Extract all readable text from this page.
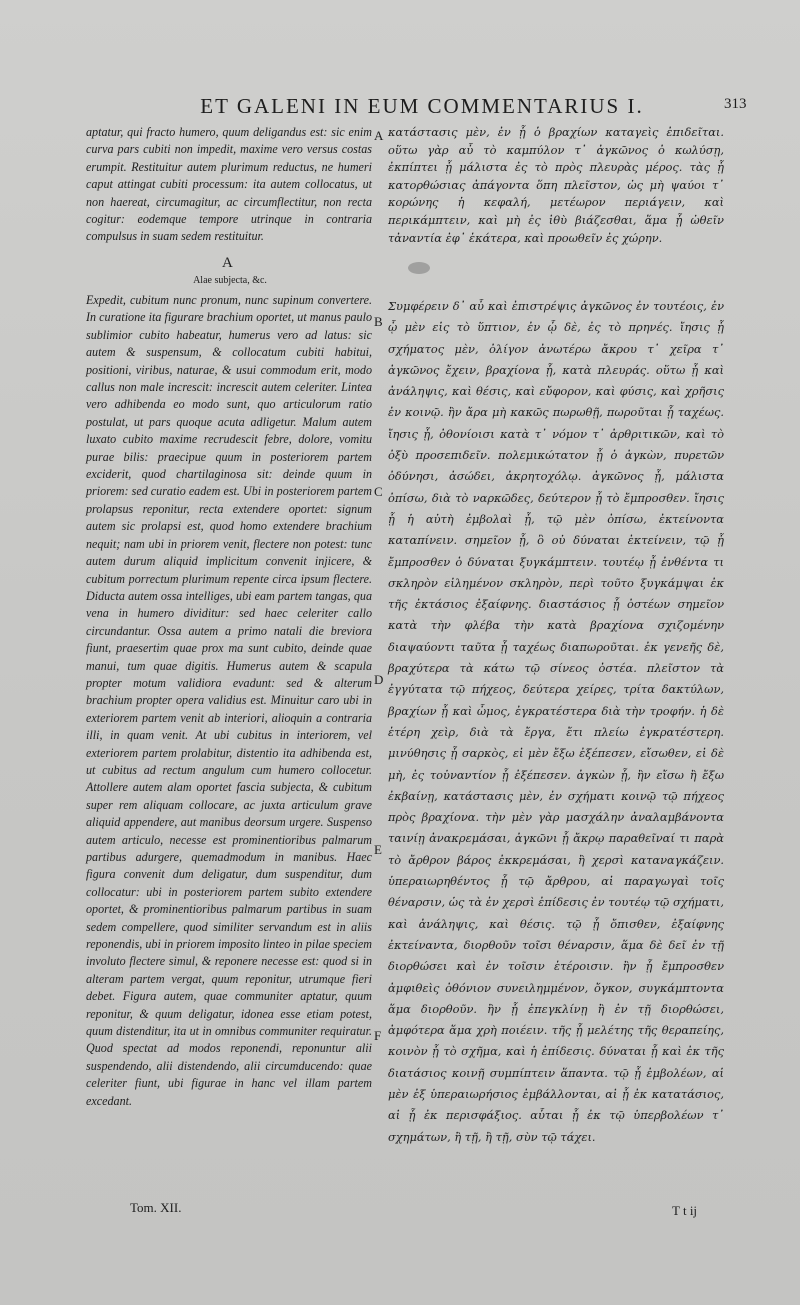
ET GALENI IN EUM COMMENTARIUS I.	313

aptatur, qui fracto humero, quum deligandus est: sic enim curva pars cubiti non impedit, maxime vero versus costas erumpit. Restituitur autem plurimum reductus, ne humeri caput attingat cubiti processum: ita autem collocatus, ut non haereat, circumagitur, ac circumflectitur, non recta cogitur: eodemque tempore utrinque in contraria compulsus in suam sedem restituitur.

A
Alae subjecta, &c.

Expedit, cubitum nunc pronum, nunc supinum convertere. In curatione ita figurare brachium oportet, ut manus paulo sublimior cubito habeatur, humerus vero ad latus: sic autem & suspensum, & collocatum cubiti habitui, positioni, viribus, naturae, & usui commodum erit, modo callus non male increscit: increscit autem celeriter. Lintea vero adhibenda eo modo sunt, quo articulorum ratio postulat, ut pars quoque acuta adligetur. Malum autem luxato cubito maxime recrudescit febre, dolore, vomitu purae bilis: praecipue quum in posteriorem partem exciderit, quod chartilaginosa sit: deinde quum in priorem: sed curatio eadem est. Ubi in posteriorem partem prolapsus reponitur, recta extendere oportet: signum autem sic prolapsi est, quod homo extendere brachium nequit; nam ubi in priorem venit, flectere non potest: tunc autem durum aliquid implicitum convenit injicere, & cubitum porrectum plurimum repente circa ipsum flectere. Diducta autem ossa intelliges, ubi eam partem tangas, qua vena in humero dividitur: sed haec celeriter callo circundantur. Ossa autem a primo natali die breviora fiunt, praesertim quae prox ma sunt cubito, deinde quae manui, tum quae digitis. Humerus autem & scapula propter motum validiora evadunt: sed & alterum brachium propter opera validius est. Minuitur caro ubi in exteriorem partem venit ab interiori, alioquin a contraria illi, in quam venit. At ubi cubitus in interiorem, vel exteriorem partem prolabitur, distentio ita adhibenda est, ut cubitus ad rectum angulum cum humero collocetur. Attollere autem alam oportet fascia subjecta, & cubitum super rem aliquam collocare, ac juxta articulum grave aliquid appendere, aut manibus deorsum urgere. Suspenso autem articulo, necesse est prominentioribus palmarum partibus adurgere, quemadmodum in manibus. Haec figura convenit dum deligatur, dum suspenditur, dum collocatur: ubi in posteriorem partem subito extendere oportet, & prominentioribus palmarum partibus in suam sedem compellere, quod similiter servandum est in aliis reponendis, ubi in priorem imposito linteo in pilae speciem involuto flectere simul, & reponere necesse est: quod si in alteram partem vergat, quum reponitur, utrumque fieri debet. Figura autem, quae communiter aptatur, quum reponitur, & quum deligatur, idonea esse etiam potest, quum distenditur, ita ut in omnibus communiter requiratur. Quod spectat ad modos reponendi, reponuntur alii suspendendo, alii distendendo, alii circumducendo: quae celeriter fiunt, ubi figurae in hanc vel illam partem excedant.

κατάστασις μὲν, ἐν ᾗ ὁ βραχίων καταγεὶς ἐπιδεῖται. οὕτω γὰρ αὖ τὸ καμπύλον τ᾽ ἀγκῶνος ὀ κωλύσῃ, ἐκπίπτει ᾗ μάλιστα ἐς τὸ πρὸς πλευρὰς μέρος. τὰς ᾗ κατορθώσιας ἀπάγοντα ὅπη πλεῖστον, ὡς μὴ ψαύοι τ᾽ κορώνης ἡ κεφαλή, μετέωρον περιάγειν, καὶ περικάμπτειν, καὶ μὴ ἐς ἰθὺ βιάζεσθαι, ἅμα ᾗ ὠθεῖν τἀναντία ἐφ᾽ ἑκάτερα, καὶ προωθεῖν ἐς χώρην.

Συμφέρειν δ᾽ αὖ καὶ ἐπιστρέψις ἀγκῶνος ἐν τουτέοις, ἐν ᾧ μὲν εἰς τὸ ὕπτιον, ἐν ᾧ δὲ, ἐς τὸ πρηνές. ἴησις ᾗ σχήματος μὲν, ὀλίγον ἀνωτέρω ἄκρου τ᾽ χεῖρα τ᾽ ἀγκῶνος ἔχειν, βραχίονα ᾗ, κατὰ πλευράς. οὕτω ᾗ καὶ ἀνάληψις, καὶ θέσις, καὶ εὔφορον, καὶ φύσις, καὶ χρῆσις ἐν κοινῷ. ἢν ἄρα μὴ κακῶς πωρωθῇ, πωροῦται ᾗ ταχέως. ἴησις ᾗ, ὀθονίοισι κατὰ τ᾽ νόμον τ᾽ ἀρθριτικῶν, καὶ τὸ ὀξὺ προσεπιδεῖν. πολεμικώτατον ᾗ ὁ ἀγκὼν, πυρετῶν ὀδύνησι, ἀσώδει, ἀκρητοχόλῳ. ἀγκῶνος ᾗ, μάλιστα ὀπίσω, διὰ τὸ ναρκῶδες, δεύτερον ᾗ τὸ ἔμπροσθεν. ἴησις ᾗ ἡ αὐτὴ ἐμβολαὶ ᾗ, τῷ μὲν ὀπίσω, ἐκτείνοντα καταπίνειν. σημεῖον ᾗ, ὃ οὐ δύναται ἐκτείνειν, τῷ ᾗ ἔμπροσθεν ὁ δύναται ξυγκάμπτειν. τουτέῳ ᾗ ἐνθέντα τι σκληρὸν εἰλημένον σκληρὸν, περὶ τοῦτο ξυγκάμψαι ἐκ τῆς ἐκτάσιος ἐξαίφνης. διαστάσιος ᾗ ὀστέων σημεῖον κατὰ τὴν φλέβα τὴν κατὰ βραχίονα σχιζομένην διαψαύοντι ταῦτα ᾗ ταχέως διαπωροῦται. ἐκ γενεῆς δὲ, βραχύτερα τὰ κάτω τῷ σίνεος ὀστέα. πλεῖστον τὰ ἐγγύτατα τῷ πήχεος, δεύτερα χείρες, τρίτα δακτύλων, βραχίων ᾗ καὶ ὦμος, ἐγκρατέστερα διὰ τὴν τροφήν. ἡ δὲ ἑτέρη χεὶρ, διὰ τὰ ἔργα, ἔτι πλείω ἐγκρατέστερη. μινύθησις ᾗ σαρκὸς, εἰ μὲν ἔξω ἐξέπεσεν, εἴσωθεν, εἰ δὲ μὴ, ἐς τοὐναντίον ᾗ ἐξέπεσεν. ἀγκὼν ᾗ, ἢν εἴσω ἢ ἔξω ἐκβαίνῃ, κατάστασις μὲν, ἐν σχήματι κοινῷ τῷ πήχεος πρὸς βραχίονα. τὴν μὲν γὰρ μασχάλην ἀναλαμβάνοντα ταινίῃ ἀνακρεμάσαι, ἀγκῶνι ᾗ ἄκρῳ παραθεῖναί τι παρὰ τὸ ἄρθρον βάρος ἐκκρεμάσαι, ἢ χερσὶ καταναγκάζειν. ὑπεραιωρηθέντος ᾗ τῷ ἄρθρου, αἱ παραγωγαὶ τοῖς θέναρσιν, ὡς τὰ ἐν χερσὶ ἐπίδεσις ἐν τουτέῳ τῷ σχήματι, καὶ ἀνάληψις, καὶ θέσις. τῷ ᾗ ὄπισθεν, ἐξαίφνης ἐκτείναντα, διορθοῦν τοῖσι θέναρσιν, ἅμα δὲ δεῖ ἐν τῇ διορθώσει καὶ ἐν τοῖσιν ἑτέροισιν. ἢν ᾗ ἔμπροσθεν ἀμφιθεὶς ὀθόνιον συνειλημμένον, ὄγκον, συγκάμπτοντα ἅμα διορθοῦν. ἢν ᾗ ἐπεγκλίνῃ ἢ ἐν τῇ διορθώσει, ἀμφότερα ἅμα χρὴ ποιέειν. τῆς ᾗ μελέτης τῆς θεραπείης, κοινὸν ᾗ τὸ σχῆμα, καὶ ἡ ἐπίδεσις. δύναται ᾗ καὶ ἐκ τῆς διατάσιος κοινῇ συμπίπτειν ἅπαντα. τῷ ᾗ ἐμβολέων, αἱ μὲν ἐξ ὑπεραιωρήσιος ἐμβάλλονται, αἱ ᾗ ἐκ κατατάσιος, αἱ ᾗ ἐκ περισφάξιος. αὗται ᾗ ἐκ τῷ ὑπερβολέων τ᾽ σχημάτων, ἢ τῇ, ἢ τῇ, σὺν τῷ τάχει.

A
B
C
D
E
F
Tom. XII.	T t ij
